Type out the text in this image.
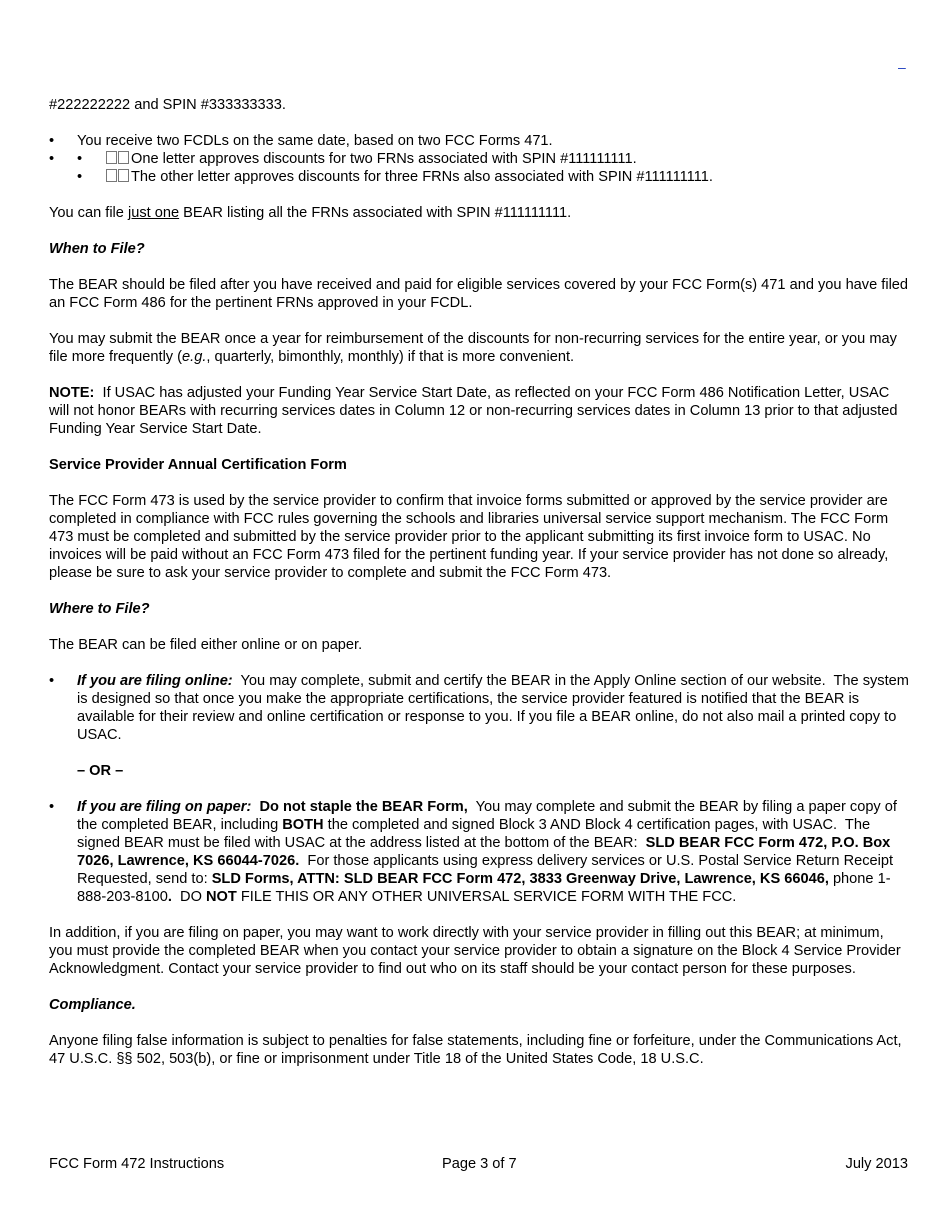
–

#222222222 and SPIN #333333333.

• You receive two FCDLs on the same date, based on two FCC Forms 471.
• • One letter approves discounts for two FRNs associated with SPIN #111111111.
• The other letter approves discounts for three FRNs also associated with SPIN #111111111.

You can file just one BEAR listing all the FRNs associated with SPIN #111111111.

When to File?

The BEAR should be filed after you have received and paid for eligible services covered by your FCC Form(s) 471 and you have filed an FCC Form 486 for the pertinent FRNs approved in your FCDL.

You may submit the BEAR once a year for reimbursement of the discounts for non-recurring services for the entire year, or you may file more frequently (e.g., quarterly, bimonthly, monthly) if that is more convenient.

NOTE:  If USAC has adjusted your Funding Year Service Start Date, as reflected on your FCC Form 486 Notification Letter, USAC will not honor BEARs with recurring services dates in Column 12 or non-recurring services dates in Column 13 prior to that adjusted Funding Year Service Start Date.

Service Provider Annual Certification Form

The FCC Form 473 is used by the service provider to confirm that invoice forms submitted or approved by the service provider are completed in compliance with FCC rules governing the schools and libraries universal service support mechanism. The FCC Form 473 must be completed and submitted by the service provider prior to the applicant submitting its first invoice form to USAC. No invoices will be paid without an FCC Form 473 filed for the pertinent funding year. If your service provider has not done so already, please be sure to ask your service provider to complete and submit the FCC Form 473.

Where to File?

The BEAR can be filed either online or on paper.

• If you are filing online:  You may complete, submit and certify the BEAR in the Apply Online section of our website.  The system is designed so that once you make the appropriate certifications, the service provider featured is notified that the BEAR is available for their review and online certification or response to you. If you file a BEAR online, do not also mail a printed copy to USAC.

– OR –

• If you are filing on paper: Do not staple the BEAR Form,  You may complete and submit the BEAR by filing a paper copy of the completed BEAR, including BOTH the completed and signed Block 3 AND Block 4 certification pages, with USAC.  The signed BEAR must be filed with USAC at the address listed at the bottom of the BEAR:  SLD BEAR FCC Form 472, P.O. Box 7026, Lawrence, KS 66044-7026.  For those applicants using express delivery services or U.S. Postal Service Return Receipt Requested, send to: SLD Forms, ATTN: SLD BEAR FCC Form 472, 3833 Greenway Drive, Lawrence, KS 66046, phone 1-888-203-8100.  DO NOT FILE THIS OR ANY OTHER UNIVERSAL SERVICE FORM WITH THE FCC.

In addition, if you are filing on paper, you may want to work directly with your service provider in filling out this BEAR; at minimum, you must provide the completed BEAR when you contact your service provider to obtain a signature on the Block 4 Service Provider Acknowledgment. Contact your service provider to find out who on its staff should be your contact person for these purposes.

Compliance.

Anyone filing false information is subject to penalties for false statements, including fine or forfeiture, under the Communications Act, 47 U.S.C. §§ 502, 503(b), or fine or imprisonment under Title 18 of the United States Code, 18 U.S.C.

FCC Form 472 Instructions	Page 3 of 7	July 2013
